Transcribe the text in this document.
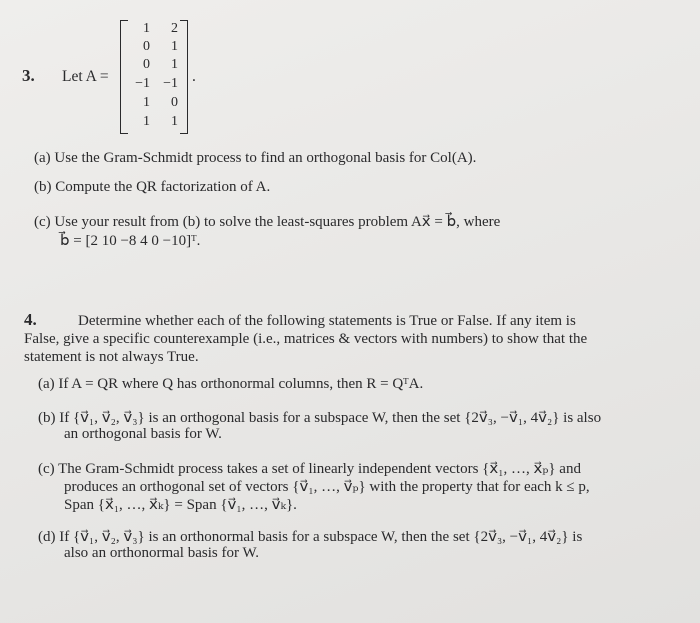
3. Let A =
1	2
0	1
0	1
−1 −1
1	0
1	1
.
(a) Use the Gram-Schmidt process to find an orthogonal basis for Col(A).
(b) Compute the QR factorization of A.
(c) Use your result from (b) to solve the least-squares problem Ax⃗ = b⃗, where
b⃗ = [2 10 −8 4 0 −10]ᵀ.
4.	Determine whether each of the following statements is True or False. If any item is
False, give a specific counterexample (i.e., matrices & vectors with numbers) to show that the
statement is not always True.
(a) If A = QR where Q has orthonormal columns, then R = QᵀA.
(b) If {v⃗₁, v⃗₂, v⃗₃} is an orthogonal basis for a subspace W, then the set {2v⃗₃, −v⃗₁, 4v⃗₂} is also
an orthogonal basis for W.
(c) The Gram-Schmidt process takes a set of linearly independent vectors {x⃗₁, …, x⃗ₚ} and
produces an orthogonal set of vectors {v⃗₁, …, v⃗ₚ} with the property that for each k ≤ p,
Span {x⃗₁, …, x⃗ₖ} = Span {v⃗₁, …, v⃗ₖ}.
(d) If {v⃗₁, v⃗₂, v⃗₃} is an orthonormal basis for a subspace W, then the set {2v⃗₃, −v⃗₁, 4v⃗₂} is
also an orthonormal basis for W.
